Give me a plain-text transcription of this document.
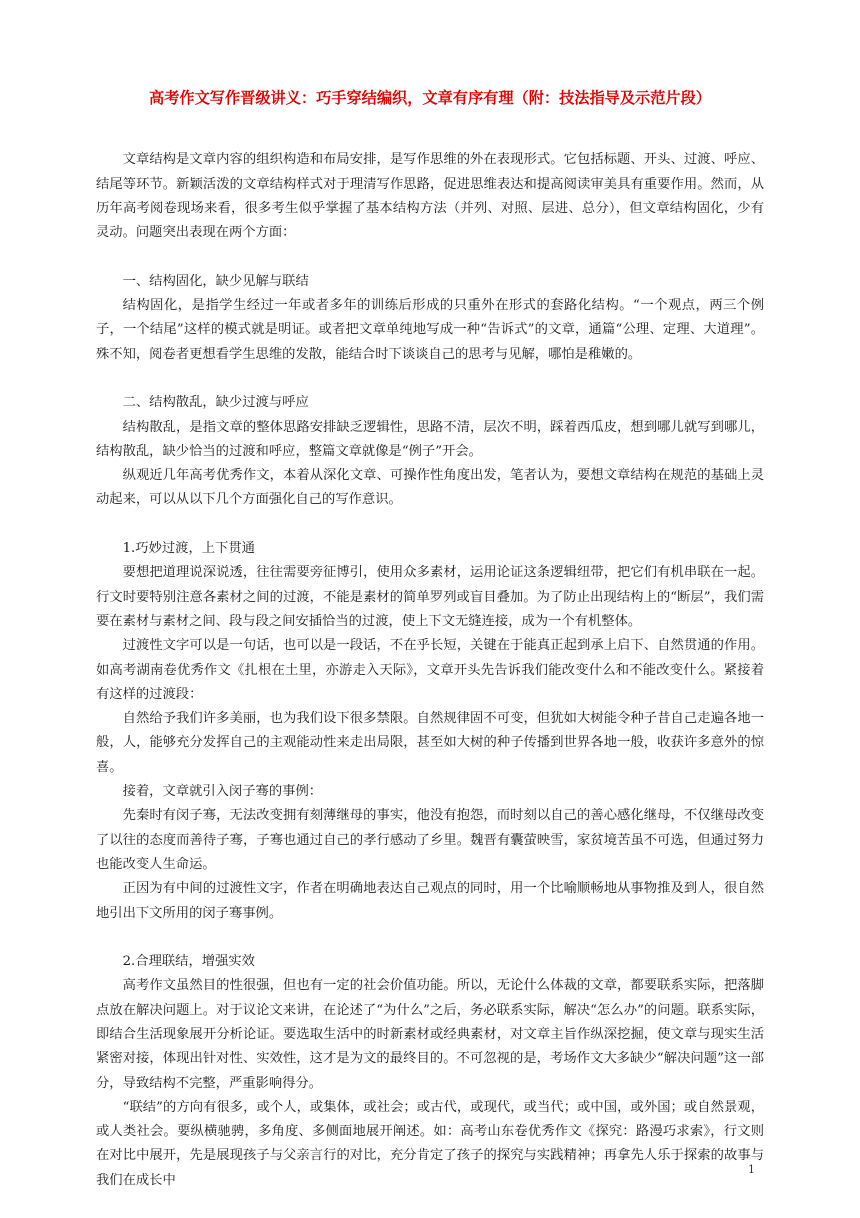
高考作文写作晋级讲义：巧手穿结编织，文章有序有理（附：技法指导及示范片段）

文章结构是文章内容的组织构造和布局安排，是写作思维的外在表现形式。它包括标题、开头、过渡、呼应、结尾等环节。新颖活泼的文章结构样式对于理清写作思路，促进思维表达和提高阅读审美具有重要作用。然而，从历年高考阅卷现场来看，很多考生似乎掌握了基本结构方法（并列、对照、层进、总分），但文章结构固化，少有灵动。问题突出表现在两个方面：

一、结构固化，缺少见解与联结

结构固化，是指学生经过一年或者多年的训练后形成的只重外在形式的套路化结构。“一个观点，两三个例子，一个结尾”这样的模式就是明证。或者把文章单纯地写成一种“告诉式”的文章，通篇“公理、定理、大道理”。殊不知，阅卷者更想看学生思维的发散，能结合时下谈谈自己的思考与见解，哪怕是稚嫩的。

二、结构散乱，缺少过渡与呼应

结构散乱，是指文章的整体思路安排缺乏逻辑性，思路不清，层次不明，踩着西瓜皮，想到哪儿就写到哪儿，结构散乱，缺少恰当的过渡和呼应，整篇文章就像是“例子”开会。

纵观近几年高考优秀作文，本着从深化文章、可操作性角度出发，笔者认为，要想文章结构在规范的基础上灵动起来，可以从以下几个方面强化自己的写作意识。

1.巧妙过渡，上下贯通

要想把道理说深说透，往往需要旁征博引，使用众多素材，运用论证这条逻辑纽带，把它们有机串联在一起。行文时要特别注意各素材之间的过渡，不能是素材的简单罗列或盲目叠加。为了防止出现结构上的“断层”，我们需要在素材与素材之间、段与段之间安插恰当的过渡，使上下文无缝连接，成为一个有机整体。

过渡性文字可以是一句话，也可以是一段话，不在乎长短，关键在于能真正起到承上启下、自然贯通的作用。如高考湖南卷优秀作文《扎根在土里，亦游走入天际》，文章开头先告诉我们能改变什么和不能改变什么。紧接着有这样的过渡段：

自然给予我们许多美丽，也为我们设下很多禁限。自然规律固不可变，但犹如大树能令种子昔自己走遍各地一般，人，能够充分发挥自己的主观能动性来走出局限，甚至如大树的种子传播到世界各地一般，收获许多意外的惊喜。

接着，文章就引入闵子骞的事例：

先秦时有闵子骞，无法改变拥有刻薄继母的事实，他没有抱怨，而时刻以自己的善心感化继母，不仅继母改变了以往的态度而善待子骞，子骞也通过自己的孝行感动了乡里。魏晋有囊萤映雪，家贫境苦虽不可选，但通过努力也能改变人生命运。

正因为有中间的过渡性文字，作者在明确地表达自己观点的同时，用一个比喻顺畅地从事物推及到人，很自然地引出下文所用的闵子骞事例。

2.合理联结，增强实效

高考作文虽然目的性很强，但也有一定的社会价值功能。所以，无论什么体裁的文章，都要联系实际，把落脚点放在解决问题上。对于议论文来讲，在论述了“为什么”之后，务必联系实际，解决“怎么办”的问题。联系实际，即结合生活现象展开分析论证。要选取生活中的时新素材或经典素材，对文章主旨作纵深挖掘，使文章与现实生活紧密对接，体现出针对性、实效性，这才是为文的最终目的。不可忽视的是，考场作文大多缺少“解决问题”这一部分，导致结构不完整，严重影响得分。

“联结”的方向有很多，或个人，或集体，或社会；或古代，或现代，或当代；或中国，或外国；或自然景观，或人类社会。要纵横驰骋，多角度、多侧面地展开阐述。如：高考山东卷优秀作文《探究：路漫巧求索》，行文则在对比中展开，先是展现孩子与父亲言行的对比，充分肯定了孩子的探究与实践精神；再拿先人乐于探索的故事与我们在成长中

1
